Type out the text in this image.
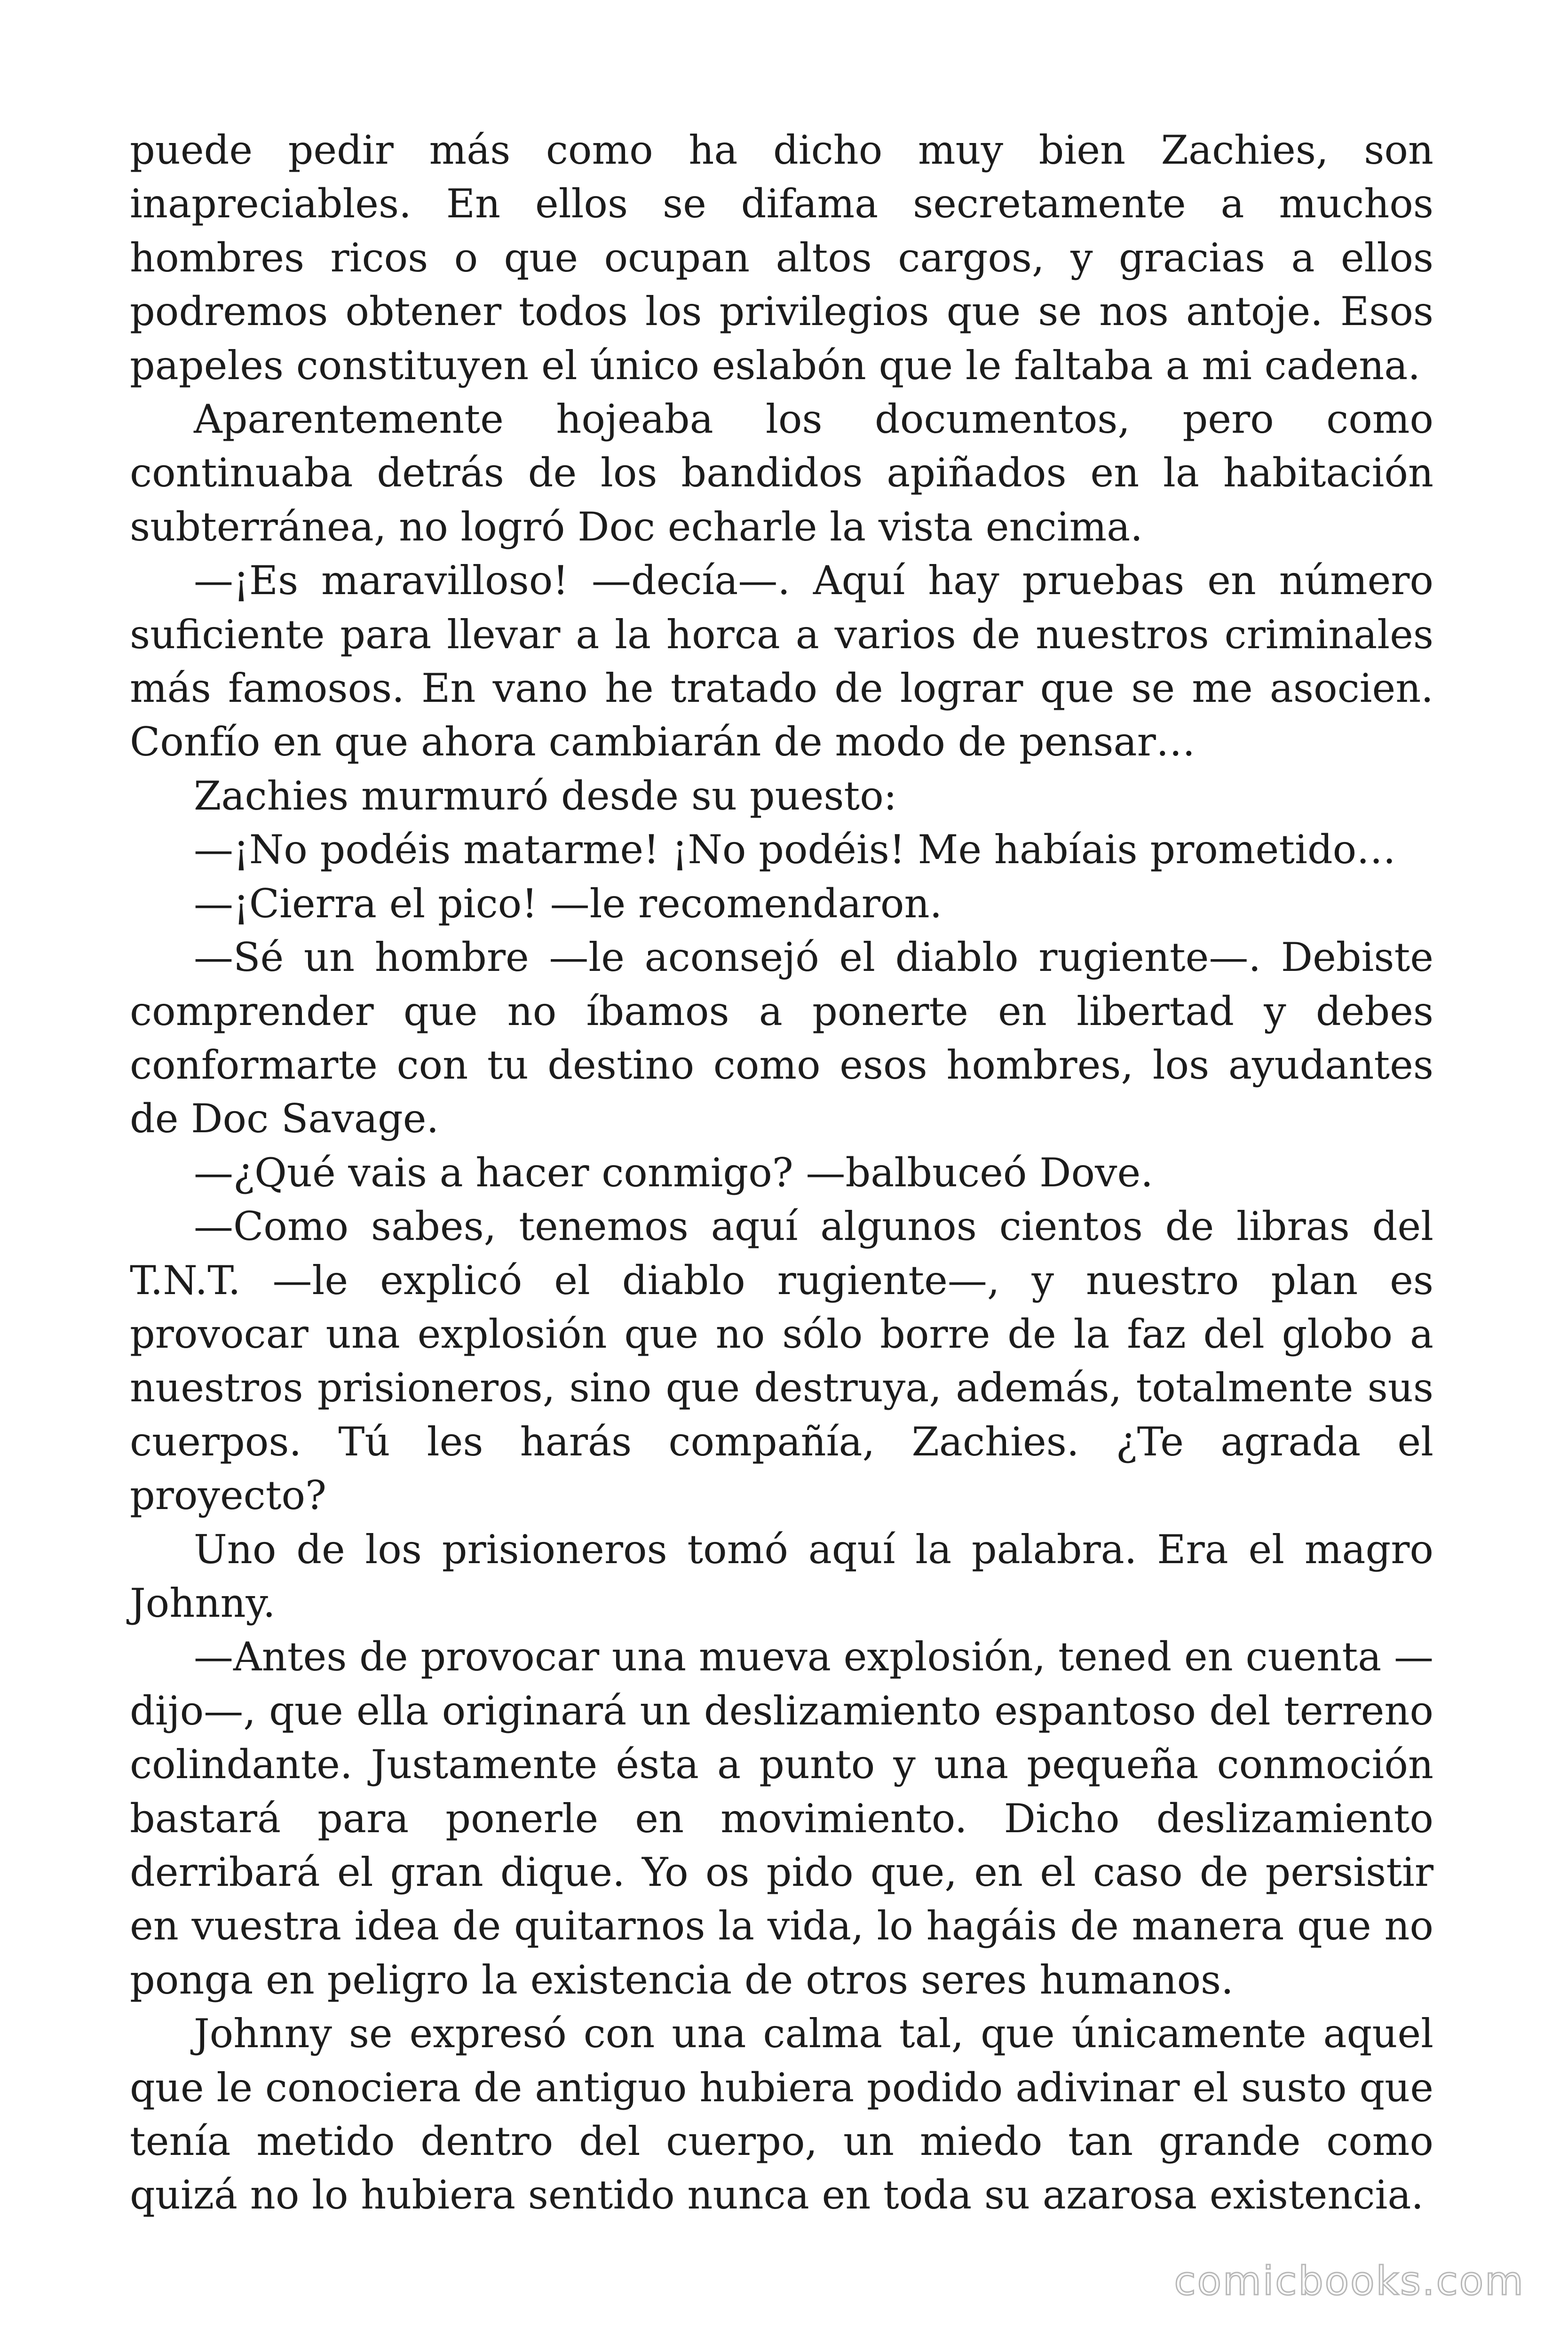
puede pedir más como ha dicho muy bien Zachies, son inapreciables. En ellos se difama secretamente a muchos hombres ricos o que ocupan altos cargos, y gracias a ellos podremos obtener todos los privilegios que se nos antoje. Esos papeles constituyen el único eslabón que le faltaba a mi cadena.

Aparentemente hojeaba los documentos, pero como continuaba detrás de los bandidos apiñados en la habitación subterránea, no logró Doc echarle la vista encima.

—¡Es maravilloso! —decía—. Aquí hay pruebas en número suficiente para llevar a la horca a varios de nuestros criminales más famosos. En vano he tratado de lograr que se me asocien. Confío en que ahora cambiarán de modo de pensar…

Zachies murmuró desde su puesto:

—¡No podéis matarme! ¡No podéis! Me habíais prometido…

—¡Cierra el pico! —le recomendaron.

—Sé un hombre —le aconsejó el diablo rugiente—. Debiste comprender que no íbamos a ponerte en libertad y debes conformarte con tu destino como esos hombres, los ayudantes de Doc Savage.

—¿Qué vais a hacer conmigo? —balbuceó Dove.

—Como sabes, tenemos aquí algunos cientos de libras del T.N.T. —le explicó el diablo rugiente—, y nuestro plan es provocar una explosión que no sólo borre de la faz del globo a nuestros prisioneros, sino que destruya, además, totalmente sus cuerpos. Tú les harás compañía, Zachies. ¿Te agrada el proyecto?

Uno de los prisioneros tomó aquí la palabra. Era el magro Johnny.

—Antes de provocar una mueva explosión, tened en cuenta —dijo—, que ella originará un deslizamiento espantoso del terreno colindante. Justamente ésta a punto y una pequeña conmoción bastará para ponerle en movimiento. Dicho deslizamiento derribará el gran dique. Yo os pido que, en el caso de persistir en vuestra idea de quitarnos la vida, lo hagáis de manera que no ponga en peligro la existencia de otros seres humanos.

Johnny se expresó con una calma tal, que únicamente aquel que le conociera de antiguo hubiera podido adivinar el susto que tenía metido dentro del cuerpo, un miedo tan grande como quizá no lo hubiera sentido nunca en toda su azarosa existencia.

comicbooks.com
